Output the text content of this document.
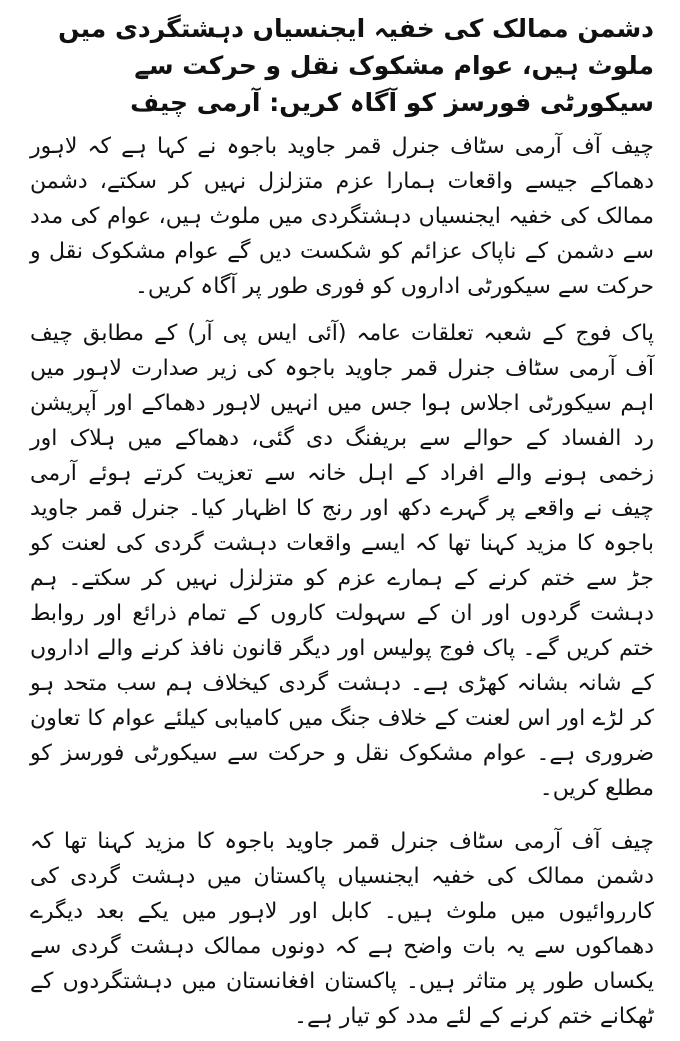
دشمن ممالک کی خفیہ ایجنسیاں دہشتگردی میں ملوث ہیں، عوام مشکوک نقل و حرکت سے سیکورٹی فورسز کو آگاہ کریں: آرمی چیف

چیف آف آرمی سٹاف جنرل قمر جاوید باجوہ نے کہا ہے کہ لاہور دھماکے جیسے واقعات ہمارا عزم متزلزل نہیں کر سکتے، دشمن ممالک کی خفیہ ایجنسیاں دہشتگردی میں ملوث ہیں، عوام کی مدد سے دشمن کے ناپاک عزائم کو شکست دیں گے عوام مشکوک نقل و حرکت سے سیکورٹی اداروں کو فوری طور پر آگاہ کریں۔

پاک فوج کے شعبہ تعلقات عامہ (آئی ایس پی آر) کے مطابق چیف آف آرمی سٹاف جنرل قمر جاوید باجوہ کی زیر صدارت لاہور میں اہم سیکورٹی اجلاس ہوا جس میں انہیں لاہور دھماکے اور آپریشن رد الفساد کے حوالے سے بریفنگ دی گئی، دھماکے میں ہلاک اور زخمی ہونے والے افراد کے اہل خانہ سے تعزیت کرتے ہوئے آرمی چیف نے واقعے پر گہرے دکھ اور رنج کا اظہار کیا۔ جنرل قمر جاوید باجوہ کا مزید کہنا تھا کہ ایسے واقعات دہشت گردی کی لعنت کو جڑ سے ختم کرنے کے ہمارے عزم کو متزلزل نہیں کر سکتے۔ ہم دہشت گردوں اور ان کے سہولت کاروں کے تمام ذرائع اور روابط ختم کریں گے۔ پاک فوج پولیس اور دیگر قانون نافذ کرنے والے اداروں کے شانہ بشانہ کھڑی ہے۔ دہشت گردی کیخلاف ہم سب متحد ہو کر لڑے اور اس لعنت کے خلاف جنگ میں کامیابی کیلئے عوام کا تعاون ضروری ہے۔ عوام مشکوک نقل و حرکت سے سیکورٹی فورسز کو مطلع کریں۔

چیف آف آرمی سٹاف جنرل قمر جاوید باجوہ کا مزید کہنا تھا کہ دشمن ممالک کی خفیہ ایجنسیاں پاکستان میں دہشت گردی کی کارروائیوں میں ملوث ہیں۔ کابل اور لاہور میں یکے بعد دیگرے دھماکوں سے یہ بات واضح ہے کہ دونوں ممالک دہشت گردی سے یکساں طور پر متاثر ہیں۔ پاکستان افغانستان میں دہشتگردوں کے ٹھکانے ختم کرنے کے لئے مدد کو تیار ہے۔
